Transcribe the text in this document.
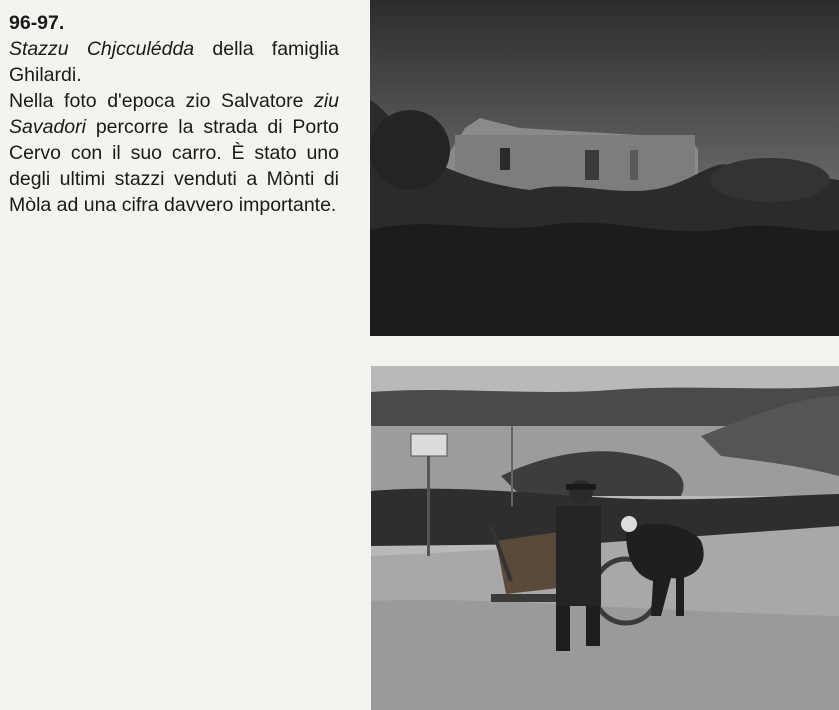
96-97.

Stazzu Chjcculédda della famiglia Ghilardi.

Nella foto d'epoca zio Salvatore ziu Savadori percorre la strada di Porto Cervo con il suo carro. È stato uno degli ultimi stazzi venduti a Mònti di Mòla ad una cifra davvero importante.
